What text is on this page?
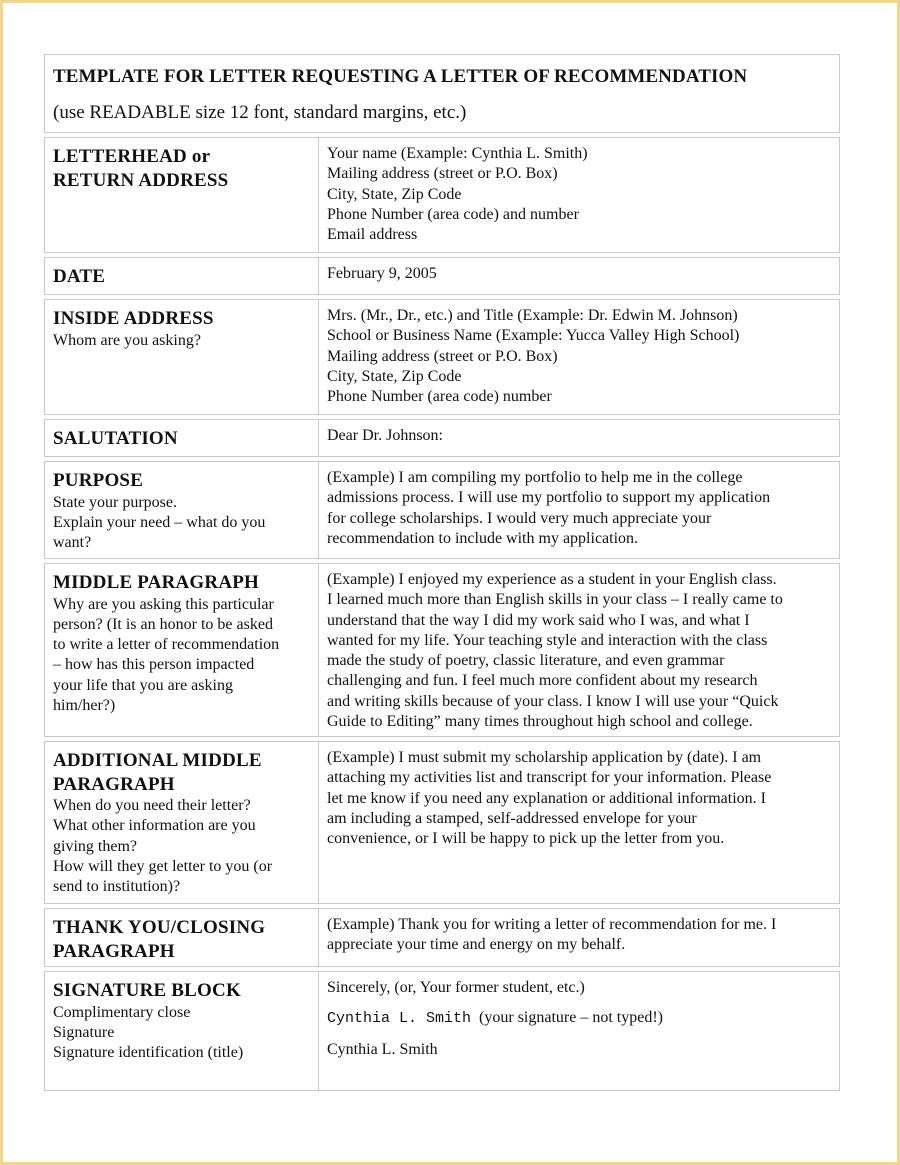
TEMPLATE FOR LETTER REQUESTING A LETTER OF RECOMMENDATION
(use READABLE size 12 font, standard margins, etc.)
LETTERHEAD or
RETURN ADDRESS
Your name (Example: Cynthia L. Smith)
Mailing address (street or P.O. Box)
City, State, Zip Code
Phone Number (area code) and number
Email address
DATE	February 9, 2005
INSIDE ADDRESS
Whom are you asking?
Mrs. (Mr., Dr., etc.) and Title (Example: Dr. Edwin M. Johnson)
School or Business Name (Example: Yucca Valley High School)
Mailing address (street or P.O. Box)
City, State, Zip Code
Phone Number (area code) number
SALUTATION	Dear Dr. Johnson:
PURPOSE
State your purpose.
Explain your need – what do you
want?
(Example) I am compiling my portfolio to help me in the college
admissions process. I will use my portfolio to support my application
for college scholarships. I would very much appreciate your
recommendation to include with my application.
MIDDLE PARAGRAPH
Why are you asking this particular
person? (It is an honor to be asked
to write a letter of recommendation
– how has this person impacted
your life that you are asking
him/her?)
(Example) I enjoyed my experience as a student in your English class.
I learned much more than English skills in your class – I really came to
understand that the way I did my work said who I was, and what I
wanted for my life. Your teaching style and interaction with the class
made the study of poetry, classic literature, and even grammar
challenging and fun. I feel much more confident about my research
and writing skills because of your class. I know I will use your “Quick
Guide to Editing” many times throughout high school and college.
ADDITIONAL MIDDLE
PARAGRAPH
When do you need their letter?
What other information are you
giving them?
How will they get letter to you (or
send to institution)?
(Example) I must submit my scholarship application by (date). I am
attaching my activities list and transcript for your information. Please
let me know if you need any explanation or additional information. I
am including a stamped, self-addressed envelope for your
convenience, or I will be happy to pick up the letter from you.
THANK YOU/CLOSING
PARAGRAPH
(Example) Thank you for writing a letter of recommendation for me. I
appreciate your time and energy on my behalf.
SIGNATURE BLOCK
Complimentary close
Signature
Signature identification (title)
Sincerely, (or, Your former student, etc.)
Cynthia L. Smith (your signature – not typed!)
Cynthia L. Smith
